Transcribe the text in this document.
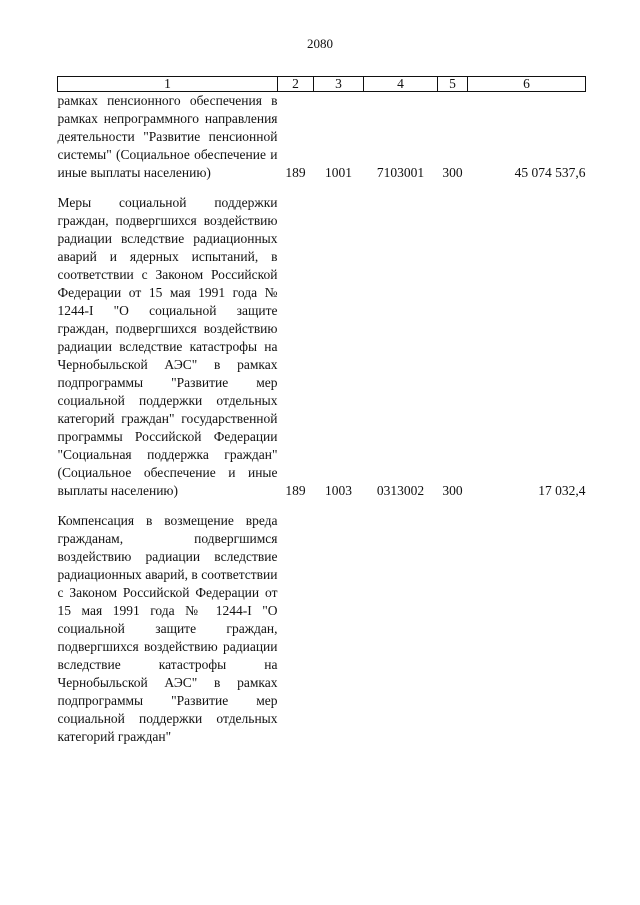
2080
1	2	3	4	5	6
рамках пенсионного обеспечения в рамках непрограммного направления деятельности "Развитие пенсионной системы" (Социальное обеспечение и иные выплаты населению)	189	1001	7103001	300	45 074 537,6

Меры социальной поддержки граждан, подвергшихся воздействию радиации вследствие радиационных аварий и ядерных испытаний, в соответствии с Законом Российской Федерации от 15 мая 1991 года № 1244-I "О социальной защите граждан, подвергшихся воздействию радиации вследствие катастрофы на Чернобыльской АЭС" в рамках подпрограммы "Развитие мер социальной поддержки отдельных категорий граждан" государственной программы Российской Федерации "Социальная поддержка граждан" (Социальное обеспечение и иные выплаты населению)	189	1003	0313002	300	17 032,4

Компенсация в возмещение вреда гражданам, подвергшимся воздействию радиации вследствие радиационных аварий, в соответствии с Законом Российской Федерации от 15 мая 1991 года № 1244-I "О социальной защите граждан, подвергшихся воздействию радиации вследствие катастрофы на Чернобыльской АЭС" в рамках подпрограммы "Развитие мер социальной поддержки отдельных категорий граждан"					
